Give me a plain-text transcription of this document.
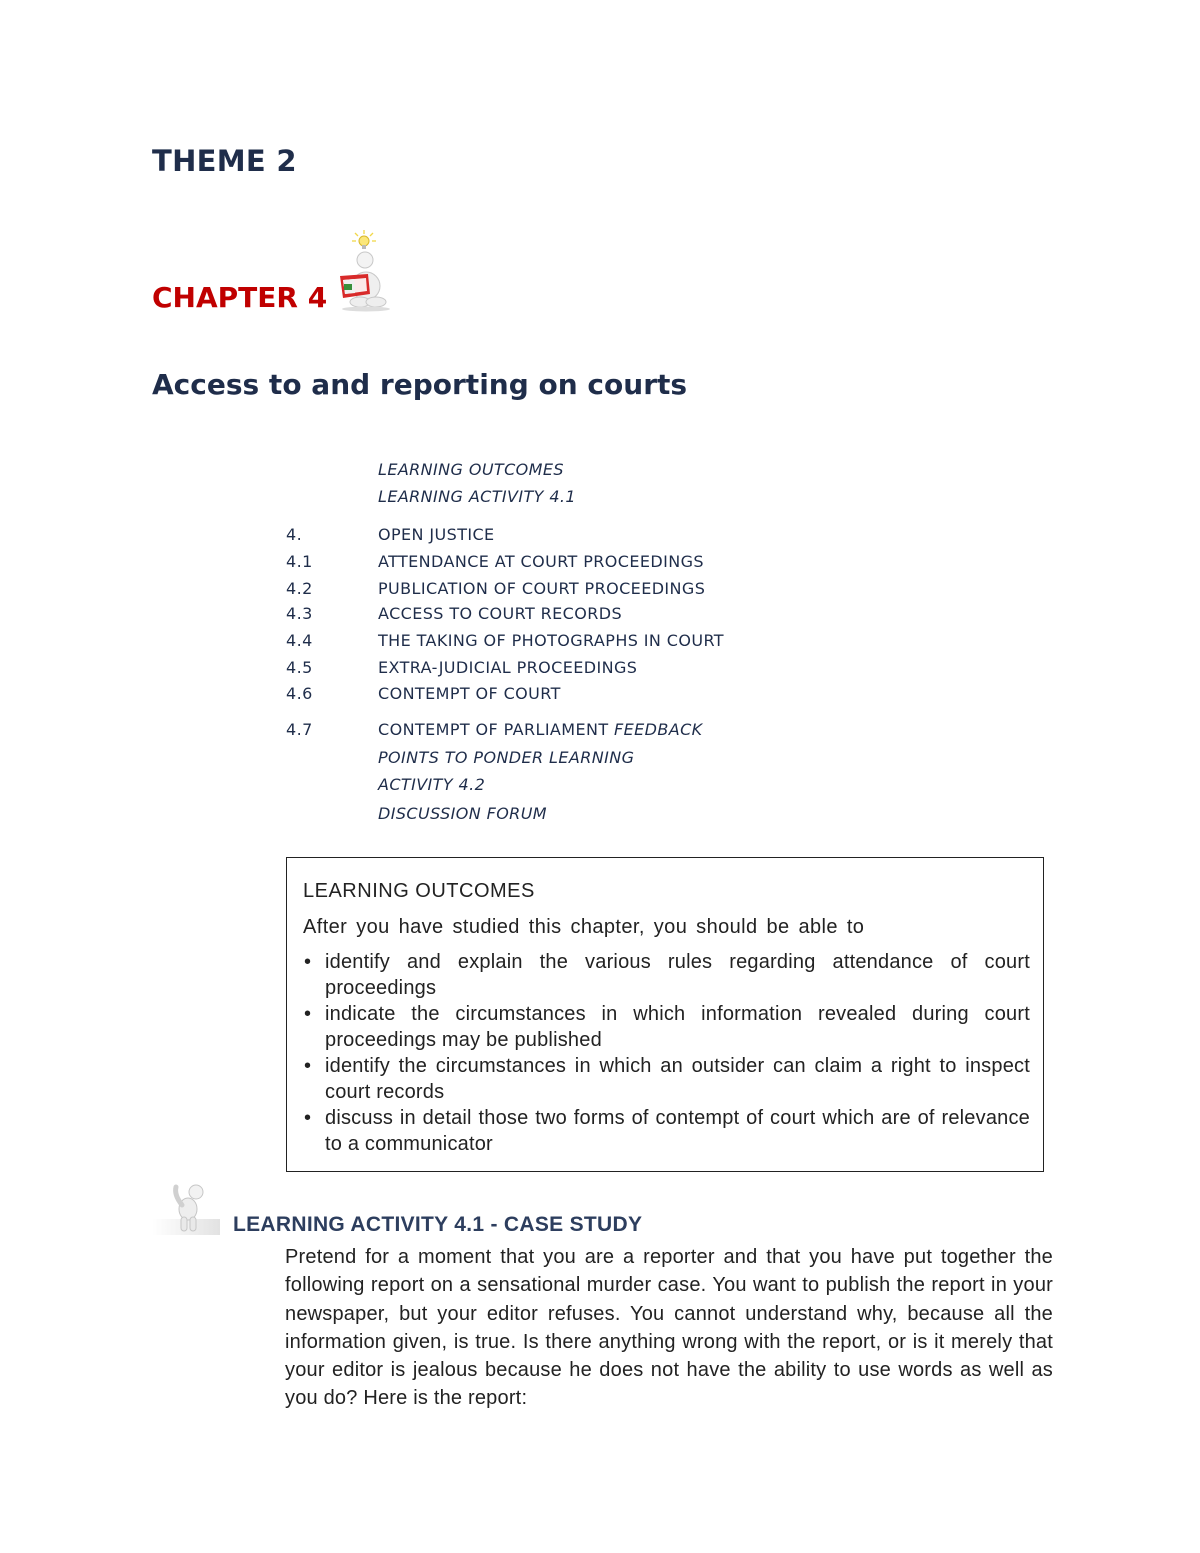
THEME 2
CHAPTER 4
Access to and reporting on courts
LEARNING OUTCOMES
LEARNING ACTIVITY 4.1
4.	OPEN JUSTICE
4.1	ATTENDANCE AT COURT PROCEEDINGS
4.2	PUBLICATION OF COURT PROCEEDINGS
4.3	ACCESS TO COURT RECORDS
4.4	THE TAKING OF PHOTOGRAPHS IN COURT
4.5	EXTRA-JUDICIAL PROCEEDINGS
4.6	CONTEMPT OF COURT
4.7	CONTEMPT OF PARLIAMENT FEEDBACK
POINTS TO PONDER LEARNING
ACTIVITY 4.2
DISCUSSION FORUM
LEARNING OUTCOMES
After you have studied this chapter, you should be able to
• identify and explain the various rules regarding attendance of court proceedings
• indicate the circumstances in which information revealed during court proceedings may be published
• identify the circumstances in which an outsider can claim a right to inspect court records
• discuss in detail those two forms of contempt of court which are of relevance to a communicator
LEARNING ACTIVITY 4.1 - CASE STUDY

Pretend for a moment that you are a reporter and that you have put together the following report on a sensational murder case. You want to publish the report in your newspaper, but your editor refuses. You cannot understand why, because all the information given, is true. Is there anything wrong with the report, or is it merely that your editor is jealous because he does not have the ability to use words as well as you do? Here is the report:
